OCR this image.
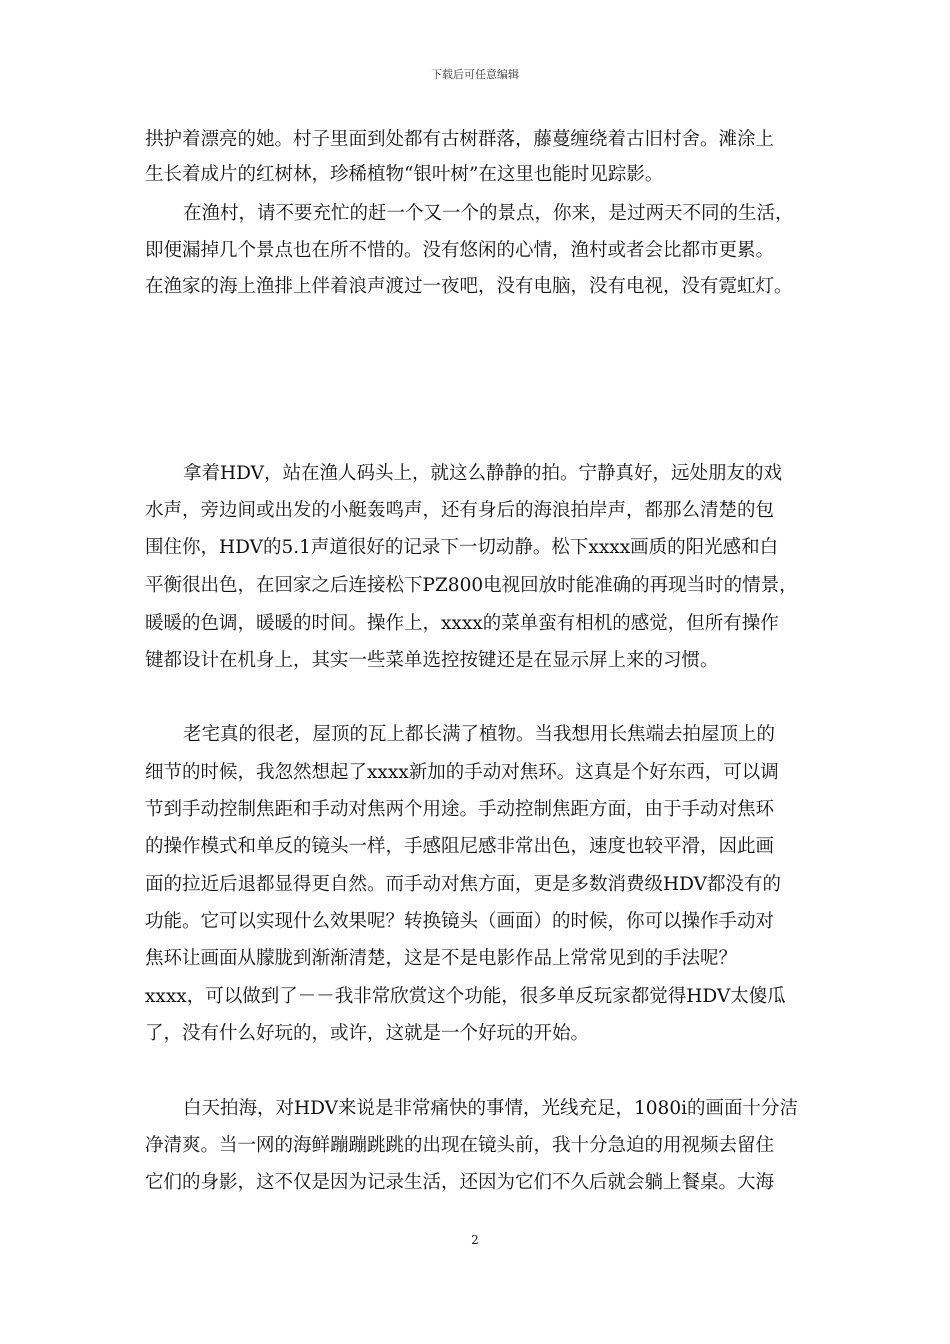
下载后可任意编辑
拱护着漂亮的她。村子里面到处都有古树群落，藤蔓缠绕着古旧村舍。滩涂上
生长着成片的红树林，珍稀植物“银叶树”在这里也能时见踪影。
在渔村，请不要充忙的赶一个又一个的景点，你来，是过两天不同的生活，
即便漏掉几个景点也在所不惜的。没有悠闲的心情，渔村或者会比都市更累。
在渔家的海上渔排上伴着浪声渡过一夜吧，没有电脑，没有电视，没有霓虹灯。
拿着HDV，站在渔人码头上，就这么静静的拍。宁静真好，远处朋友的戏
水声，旁边间或出发的小艇轰鸣声，还有身后的海浪拍岸声，都那么清楚的包
围住你，HDV的5.1声道很好的记录下一切动静。松下xxxx画质的阳光感和白
平衡很出色，在回家之后连接松下PZ800电视回放时能准确的再现当时的情景，
暖暖的色调，暖暖的时间。操作上，xxxx的菜单蛮有相机的感觉，但所有操作
键都设计在机身上，其实一些菜单选控按键还是在显示屏上来的习惯。
老宅真的很老，屋顶的瓦上都长满了植物。当我想用长焦端去拍屋顶上的
细节的时候，我忽然想起了xxxx新加的手动对焦环。这真是个好东西，可以调
节到手动控制焦距和手动对焦两个用途。手动控制焦距方面，由于手动对焦环
的操作模式和单反的镜头一样，手感阻尼感非常出色，速度也较平滑，因此画
面的拉近后退都显得更自然。而手动对焦方面，更是多数消费级HDV都没有的
功能。它可以实现什么效果呢？转换镜头（画面）的时候，你可以操作手动对
焦环让画面从朦胧到渐渐清楚，这是不是电影作品上常常见到的手法呢？
xxxx，可以做到了－－我非常欣赏这个功能，很多单反玩家都觉得HDV太傻瓜
了，没有什么好玩的，或许，这就是一个好玩的开始。
白天拍海，对HDV来说是非常痛快的事情，光线充足，1080i的画面十分洁
净清爽。当一网的海鲜蹦蹦跳跳的出现在镜头前，我十分急迫的用视频去留住
它们的身影，这不仅是因为记录生活，还因为它们不久后就会躺上餐桌。大海
2
